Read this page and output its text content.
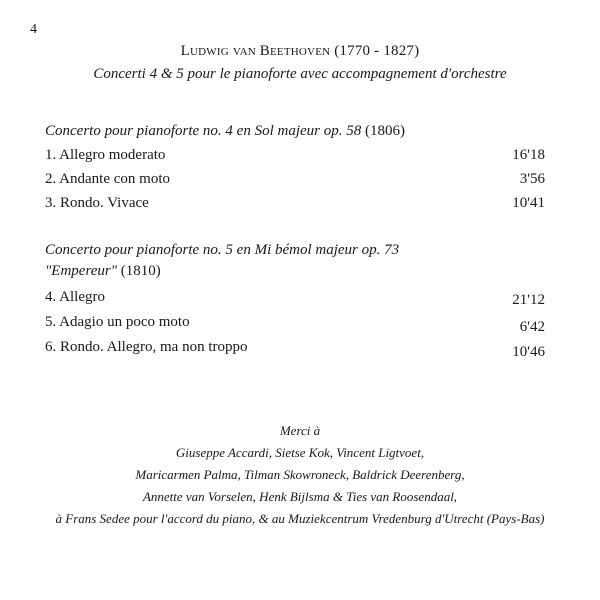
4
Ludwig van Beethoven (1770 - 1827)
Concerti 4 & 5 pour le pianoforte avec accompagnement d'orchestre
Concerto pour pianoforte no. 4 en Sol majeur op. 58 (1806)
1. Allegro moderato	16'18
2. Andante con moto	3'56
3. Rondo. Vivace	10'41
Concerto pour pianoforte no. 5 en Mi bémol majeur op. 73
"Empereur" (1810)
4. Allegro	21'12
5. Adagio un poco moto	6'42
6. Rondo. Allegro, ma non troppo	10'46
Merci à
Giuseppe Accardi, Sietse Kok, Vincent Ligtvoet,
Maricarmen Palma, Tilman Skowroneck, Baldrick Deerenberg,
Annette van Vorselen, Henk Bijlsma & Ties van Roosendaal,
à Frans Sedee pour l'accord du piano, & au Muziekcentrum Vredenburg d'Utrecht (Pays-Bas)
